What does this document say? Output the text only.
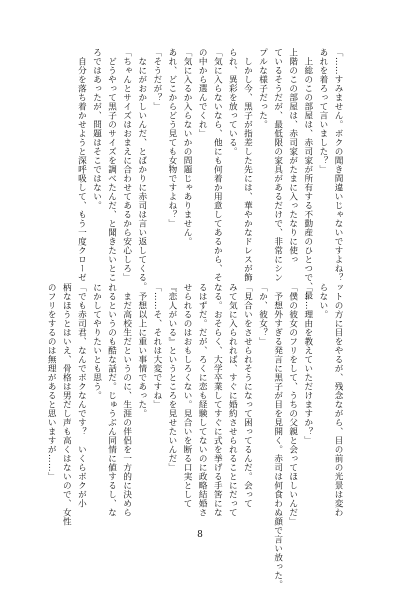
「……すみません。ボクの聞き間違いじゃないですよね？
あれを着ろって言いました？」
　上総のこの部屋は、赤司家が所有する不動産のひとつで、最
上階のこの部屋は、赤司家がたまに入ったなりに使っ
ているそうだが、最低限の家具があるだけで、非常にシン
プルな様子だった。
　しかし今、黒子が指差した先には、華やかなドレスが飾
られ、異彩を放っている。
「気に入らないなら、他にも何着か用意してあるから、そ
の中から選んでくれ」
「気に入るか入らないかの問題じゃありません。
あれ、どこからどう見ても女物ですよね？」
「そうだが？」
　なにがおかしいんだ、とばかりに赤司は言い返してくる。
「ちゃんとサイズはおまえに合わせてあるから安心しろ」
　どうやって黒子のサイズを調べたんだ、と聞きたいとこ
ろではあったが、問題はそこではない。
　自分を落ち着かせようと深呼吸して、もう一度クローゼ
ットの方に目をやるが、残念ながら、目の前の光景は変わ
らない。
「……理由を教えていただけますか？」
「僕の彼女のフリをして、うちの父親と会ってほしいんだ」
　予想外すぎる発言に黒子が目を見開く。赤司は何食わぬ顔で言い放った。
「か、彼女？」
「見合いをさせられそうになって困ってるんだ。会って
みて気に入られれば、すぐに婚約させられることにだって
なる。おそらく、大学卒業してすぐに式を挙げる手筈にな
るはずだ。だが、ろくに恋も経験してないのに政略結婚さ
せられるのはおもしろくない。見合いを断る口実として
『恋人がいる』というところを見せたいんだ」
「……そ、それは大変ですね」
　予想以上に重い事情であった。
　まだ高校生だというのに、生涯の伴侶を一方的に決めら
れるというのも酷な話だ。じゅうぶん同情に値するし、な
にかしてやりたいとも思う。
「でも赤司君、なんでボクなんです？　いくらボクが小
柄なほうとはいえ、骨格は男だし声も高くはないので、女性
のフリをするのは無理があると思いますが……」
8
